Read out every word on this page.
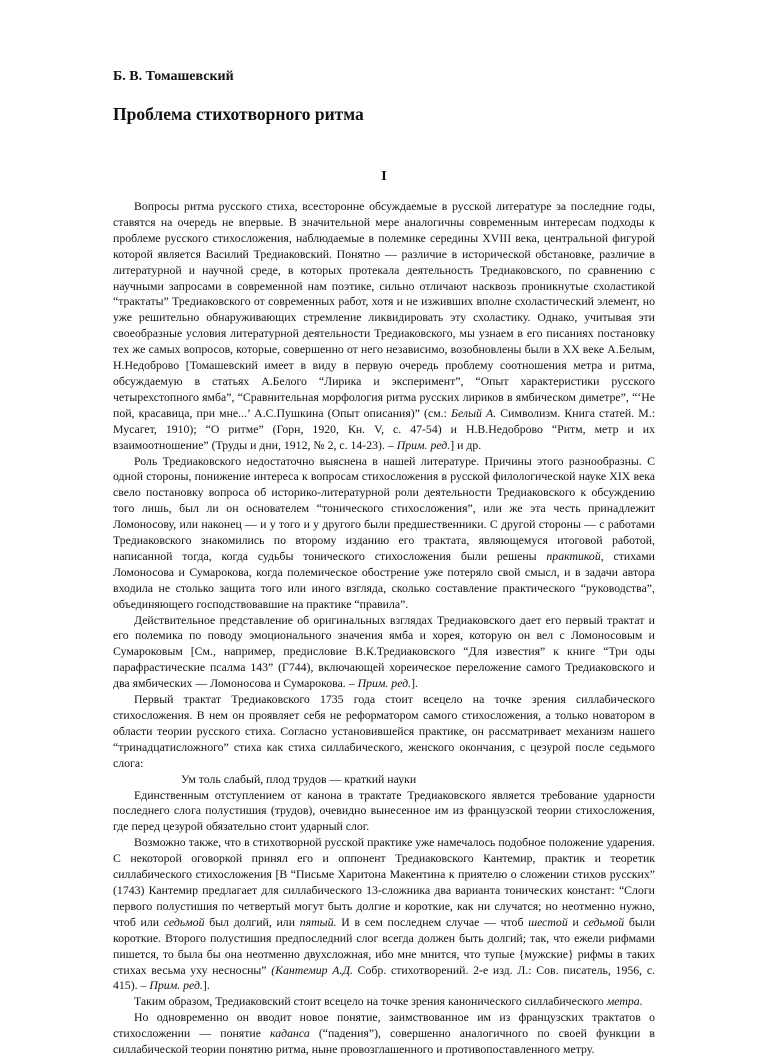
Б. В. Томашевский
Проблема стихотворного ритма
I

Вопросы ритма русского стиха, всесторонне обсуждаемые в русской литературе за последние годы, ставятся на очередь не впервые. В значительной мере аналогичны современным интересам подходы к проблеме русского стихосложения, наблюдаемые в полемике середины XVIII века, центральной фигурой которой является Василий Тредиаковский. Понятно — различие в исторической обстановке, различие в литературной и научной среде, в которых протекала деятельность Тредиаковского, по сравнению с научными запросами в современной нам поэтике, сильно отличают насквозь проникнутые схоластикой “трактаты” Тредиаковского от современных работ, хотя и не изживших вполне схоластический элемент, но уже решительно обнаруживающих стремление ликвидировать эту схоластику. Однако, учитывая эти своеобразные условия литературной деятельности Тредиаковского, мы узнаем в его писаниях постановку тех же самых вопросов, которые, совершенно от него независимо, возобновлены были в XX веке А.Белым, Н.Недоброво [Томашевский имеет в виду в первую очередь проблему соотношения метра и ритма, обсуждаемую в статьях А.Белого “Лирика и эксперимент”, “Опыт характеристики русского четырехстопного ямба”, “Сравнительная морфология ритма русских лириков в ямбическом диметре”, “‘Не пой, красавица, при мне...’ А.С.Пушкина (Опыт описания)” (см.: Белый А. Символизм. Книга статей. М.: Мусагет, 1910); “О ритме” (Горн, 1920, Кн. V, с. 47-54) и Н.В.Недоброво “Ритм, метр и их взаимоотношение” (Труды и дни, 1912, № 2, с. 14-23). – Прим. ред.] и др.

Роль Тредиаковского недостаточно выяснена в нашей литературе. Причины этого разнообразны. С одной стороны, понижение интереса к вопросам стихосложения в русской филологической науке XIX века свело постановку вопроса об историко-литературной роли деятельности Тредиаковского к обсуждению того лишь, был ли он основателем “тонического стихосложения”, или же эта честь принадлежит Ломоносову, или наконец — и у того и у другого были предшественники. С другой стороны — с работами Тредиаковского знакомились по второму изданию его трактата, являющемуся итоговой работой, написанной тогда, когда судьбы тонического стихосложения были решены практикой, стихами Ломоносова и Сумарокова, когда полемическое обострение уже потеряло свой смысл, и в задачи автора входила не столько защита того или иного взгляда, сколько составление практического “руководства”, объединяющего господствовавшие на практике “правила”.

Действительное представление об оригинальных взглядах Тредиаковского дает его первый трактат и его полемика по поводу эмоционального значения ямба и хорея, которую он вел с Ломоносовым и Сумароковым [См., например, предисловие В.К.Тредиаковского “Для известия” к книге “Три оды парафрастические псалма 143” (Г744), включающей хореическое переложение самого Тредиаковского и два ямбических — Ломоносова и Сумарокова. – Прим. ред.].

Первый трактат Тредиаковского 1735 года стоит всецело на точке зрения силлабического стихосложения. В нем он проявляет себя не реформатором самого стихосложения, а только новатором в области теории русского стиха. Согласно установившейся практике, он рассматривает механизм нашего “тринадцатисложного” стиха как стиха силлабического, женского окончания, с цезурой после седьмого слога:

Ум толь слабый, плод трудов — краткий науки

Единственным отступлением от канона в трактате Тредиаковского является требование ударности последнего слога полустишия (трудов), очевидно вынесенное им из французской теории стихосложения, где перед цезурой обязательно стоит ударный слог.

Возможно также, что в стихотворной русской практике уже намечалось подобное положение ударения. С некоторой оговоркой принял его и оппонент Тредиаковского Кантемир, практик и теоретик силлабического стихосложения [В “Письме Харитона Макентина к приятелю о сложении стихов русских” (1743) Кантемир предлагает для силлабического 13-сложника два варианта тонических констант: “Слоги первого полустишия по четвертый могут быть долгие и короткие, как ни случатся; но неотменно нужно, чтоб или седьмой был долгий, или пятый. И в сем последнем случае — чтоб шестой и седьмой были короткие. Второго полустишия предпоследний слог всегда должен быть долгий; так, что ежели рифмами пишется, то была бы она неотменно двухсложная, ибо мне мнится, что тупые {мужские} рифмы в таких стихах весьма уху несносны” (Кантемир А.Д. Собр. стихотворений. 2-е изд. Л.: Сов. писатель, 1956, с. 415). – Прим. ред.].

Таким образом, Тредиаковский стоит всецело на точке зрения канонического силлабического метра.

Но одновременно он вводит новое понятие, заимствованное им из французских трактатов о стихосложении — понятие каданса (“падения”), совершенно аналогичного по своей функции в силлабической теории понятию ритма, ныне провозглашенного и противопоставленного метру.
